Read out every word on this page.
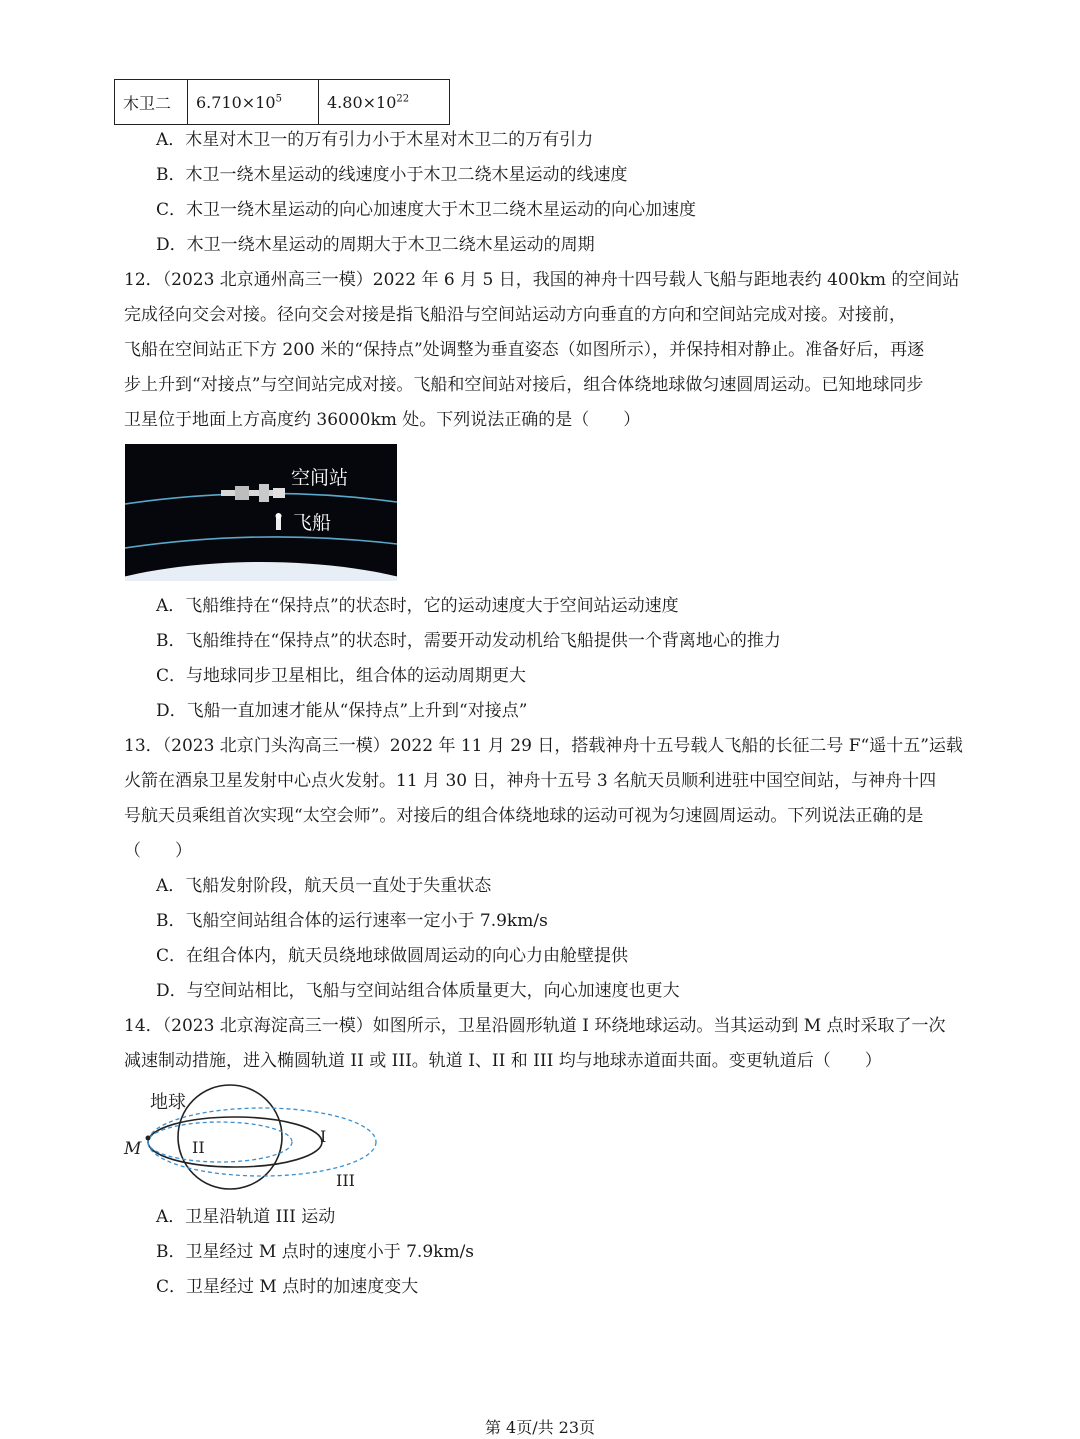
木卫二	$6.710\times 10^5$	$4.80\times 10^{22}$
A．木星对木卫一的万有引力小于木星对木卫二的万有引力
B．木卫一绕木星运动的线速度小于木卫二绕木星运动的线速度
C．木卫一绕木星运动的向心加速度大于木卫二绕木星运动的向心加速度
D．木卫一绕木星运动的周期大于木卫二绕木星运动的周期
12．（2023 北京通州高三一模）2022 年 6 月 5 日，我国的神舟十四号载人飞船与距地表约 400km 的空间站
完成径向交会对接。径向交会对接是指飞船沿与空间站运动方向垂直的方向和空间站完成对接。对接前，
飞船在空间站正下方 200 米的“保持点”处调整为垂直姿态（如图所示），并保持相对静止。准备好后，再逐
步上升到“对接点”与空间站完成对接。飞船和空间站对接后，组合体绕地球做匀速圆周运动。已知地球同步
卫星位于地面上方高度约 36000km 处。下列说法正确的是（　　）
空间站
飞船
A．飞船维持在“保持点”的状态时，它的运动速度大于空间站运动速度
B．飞船维持在“保持点”的状态时，需要开动发动机给飞船提供一个背离地心的推力
C．与地球同步卫星相比，组合体的运动周期更大
D．飞船一直加速才能从“保持点”上升到“对接点”
13．（2023 北京门头沟高三一模）2022 年 11 月 29 日，搭载神舟十五号载人飞船的长征二号 F“遥十五”运载
火箭在酒泉卫星发射中心点火发射。11 月 30 日，神舟十五号 3 名航天员顺利进驻中国空间站，与神舟十四
号航天员乘组首次实现“太空会师”。对接后的组合体绕地球的运动可视为匀速圆周运动。下列说法正确的是
（　　）
A．飞船发射阶段，航天员一直处于失重状态
B．飞船空间站组合体的运行速率一定小于 7.9km/s
C．在组合体内，航天员绕地球做圆周运动的向心力由舱壁提供
D．与空间站相比，飞船与空间站组合体质量更大，向心加速度也更大
14．（2023 北京海淀高三一模）如图所示，卫星沿圆形轨道 I 环绕地球运动。当其运动到 M 点时采取了一次
减速制动措施，进入椭圆轨道 II 或 III。轨道 I、II 和 III 均与地球赤道面共面。变更轨道后（　　）
地球
M	II
I
III
A．卫星沿轨道 III 运动
B．卫星经过 M 点时的速度小于 7.9km/s
C．卫星经过 M 点时的加速度变大
第 4页/共 23页
